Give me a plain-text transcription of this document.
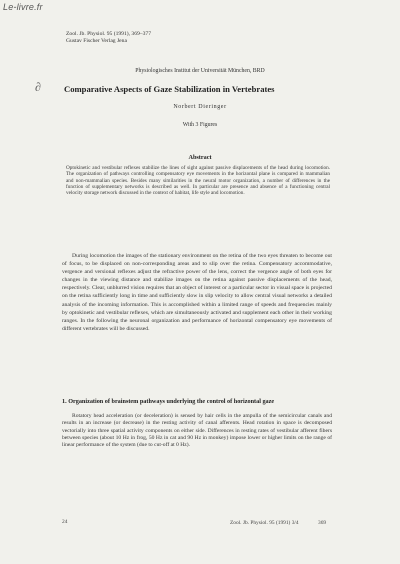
Le-livre.fr
Zool. Jb. Physiol. 95 (1991), 369–377
Gustav Fischer Verlag Jena
Physiologisches Institut der Universität München, BRD
∂	Comparative Aspects of Gaze Stabilization in Vertebrates
Norbert Dieringer
With 3 Figures
Abstract

Optokinetic and vestibular reflexes stabilize the lines of sight against passive displacements of the head during locomotion. The organization of pathways controlling compensatory eye movements in the horizontal plane is compared in mammalian and non-mammalian species. Besides many similarities in the neural motor organization, a number of differences in the function of supplementary networks is described as well. In particular are presence and absence of a functioning central velocity storage network discussed in the context of habitat, life style and locomotion.

During locomotion the images of the stationary environment on the retina of the two eyes threaten to become out of focus, to be displaced on non-corresponding areas and to slip over the retina. Compensatory accommodative, vergence and versional reflexes adjust the refractive power of the lens, correct the vergence angle of both eyes for changes in the viewing distance and stabilize images on the retina against passive displacements of the head, respectively. Clear, unblurred vision requires that an object of interest or a particular sector in visual space is projected on the retina sufficiently long in time and sufficiently slow in slip velocity to allow central visual networks a detailed analysis of the incoming information. This is accomplished within a limited range of speeds and frequencies mainly by optokinetic and vestibular reflexes, which are simultaneously activated and supplement each other in their working ranges. In the following the neuronal organization and performance of horizontal compensatory eye movements of different vertebrates will be discussed.

1. Organization of brainstem pathways underlying the control of horizontal gaze

Rotatory head acceleration (or deceleration) is sensed by hair cells in the ampulla of the semicircular canals and results in an increase (or decrease) in the resting activity of canal afferents. Head rotation in space is decomposed vectorially into three spatial activity components on either side. Differences in resting rates of vestibular afferent fibers between species (about 10 Hz in frog, 50 Hz in cat and 90 Hz in monkey) impose lower or higher limits on the range of linear performance of the system (due to cut-off at 0 Hz).

24	Zool. Jb. Physiol. 95 (1991) 3/4	369
